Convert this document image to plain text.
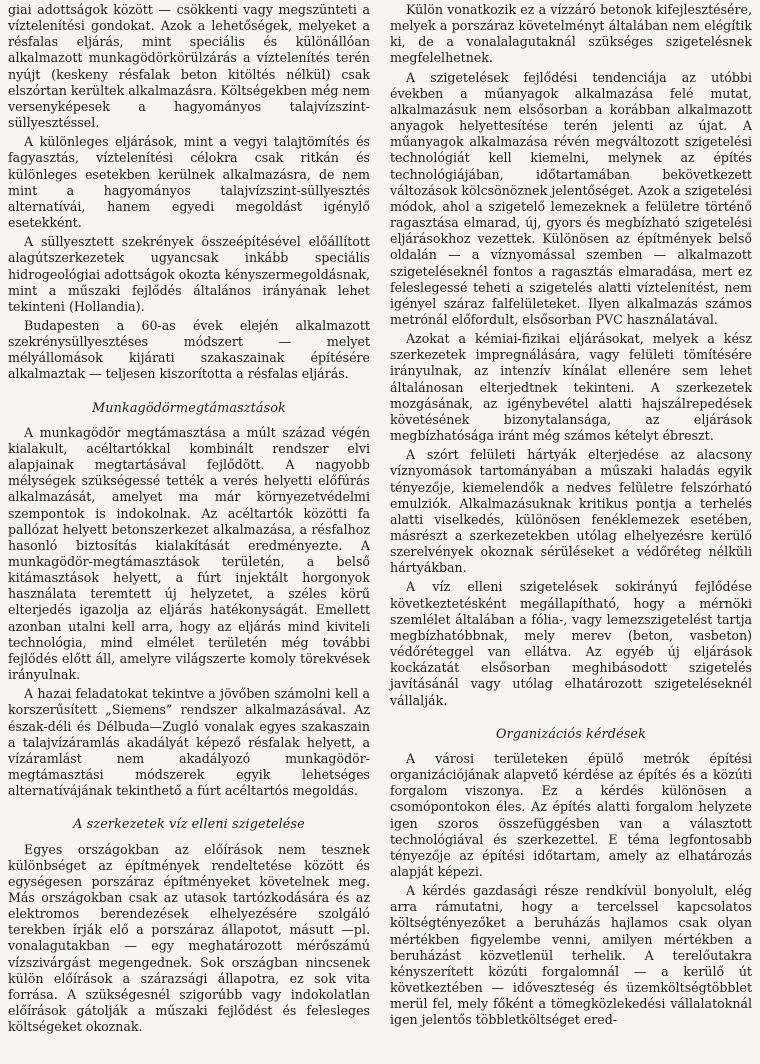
giai adottságok között — csökkenti vagy megszünteti a víztelenítési gondokat. Azok a lehetőségek, melyeket a résfalas eljárás, mint speciális és különállóan alkalmazott munkagödörkörülzárás a víztelenítés terén nyújt (keskeny résfalak beton kitöltés nélkül) csak elszórtan kerültek alkalmazásra. Költségekben még nem versenyképesek a hagyományos talajvízszint-süllyesztéssel.

A különleges eljárások, mint a vegyi talajtömítés és fagyasztás, víztelenítési célokra csak ritkán és különleges esetekben kerülnek alkalmazásra, de nem mint a hagyományos talajvízszint-süllyesztés alternatívái, hanem egyedi megoldást igénylő esetekként.

A süllyesztett szekrények összeépítésével előállított alagútszerkezetek ugyancsak inkább speciális hidrogeológiai adottságok okozta kényszermegoldásnak, mint a műszaki fejlődés általános irányának lehet tekinteni (Hollandia).

Budapesten a 60-as évek elején alkalmazott szekrénysüllyesztéses módszert — melyet mélyállomások kijárati szakaszainak építésére alkalmaztak — teljesen kiszorította a résfalas eljárás.

Munkagödörmegtámasztások

A munkagödör megtámasztása a múlt század végén kialakult, acéltartókkal kombinált rendszer elvi alapjainak megtartásával fejlődött. A nagyobb mélységek szükségessé tették a verés helyetti előfúrás alkalmazását, amelyet ma már környezetvédelmi szempontok is indokolnak. Az acéltartók közötti fa pallózat helyett betonszerkezet alkalmazása, a résfalhoz hasonló biztosítás kialakítását eredményezte. A munkagödör-megtámasztások területén, a belső kitámasztások helyett, a fúrt injektált horgonyok használata teremtett új helyzetet, a széles körű elterjedés igazolja az eljárás hatékonyságát. Emellett azonban utalni kell arra, hogy az eljárás mind kiviteli technológia, mind elmélet területén még további fejlődés előtt áll, amelyre világszerte komoly törekvések irányulnak.

A hazai feladatokat tekintve a jövőben számolni kell a korszerűsített „Siemens” rendszer alkalmazásával. Az észak-déli és Délbuda—Zugló vonalak egyes szakaszain a talajvízáramlás akadályát képező résfalak helyett, a vízáramlást nem akadályozó munkagödör-megtámasztási módszerek egyik lehetséges alternatívájának tekinthető a fúrt acéltartós megoldás.

A szerkezetek víz elleni szigetelése

Egyes országokban az előírások nem tesznek különbséget az építmények rendeltetése között és egységesen porszáraz építményeket követelnek meg. Más országokban csak az utasok tartózkodására és az elektromos berendezések elhelyezésére szolgáló terekben írják elő a porszáraz állapotot, másutt —pl. vonalagutakban — egy meghatározott mérőszámú vízszivárgást megengednek. Sok országban nincsenek külön előírások a szárazsági állapotra, ez sok vita forrása. A szükségesnél szigorúbb vagy indokolatlan előírások gátolják a műszaki fejlődést és felesleges költségeket okoznak.

Külön vonatkozik ez a vízzáró betonok kifejlesztésére, melyek a porszáraz követelményt általában nem elégítik ki, de a vonalalagutaknál szükséges szigetelésnek megfelelhetnek.

A szigetelések fejlődési tendenciája az utóbbi években a műanyagok alkalmazása felé mutat, alkalmazásuk nem elsősorban a korábban alkalmazott anyagok helyettesítése terén jelenti az újat. A műanyagok alkalmazása révén megváltozott szigetelési technológiát kell kiemelni, melynek az építés technológiájában, időtartamában bekövetkezett változások kölcsönöznek jelentőséget. Azok a szigetelési módok, ahol a szigetelő lemezeknek a felületre történő ragasztása elmarad, új, gyors és megbízható szigetelési eljárásokhoz vezettek. Különösen az építmények belső oldalán — a víznyomással szemben — alkalmazott szigeteléseknél fontos a ragasztás elmaradása, mert ez feleslegessé teheti a szigetelés alatti víztelenítést, nem igényel száraz falfelületeket. Ilyen alkalmazás számos metrónál előfordult, elsősorban PVC használatával.

Azokat a kémiai-fizikai eljárásokat, melyek a kész szerkezetek impregnálására, vagy felületi tömítésére irányulnak, az intenzív kínálat ellenére sem lehet általánosan elterjedtnek tekinteni. A szerkezetek mozgásának, az igénybevétel alatti hajszálrepedések követésének bizonytalansága, az eljárások megbízhatósága iránt még számos kételyt ébreszt.

A szórt felületi hártyák elterjedése az alacsony víznyomások tartományában a műszaki haladás egyik tényezője, kiemelendők a nedves felületre felszórható emulziók. Alkalmazásuknak kritikus pontja a terhelés alatti viselkedés, különösen fenéklemezek esetében, másrészt a szerkezetekben utólag elhelyezésre kerülő szerelvények okoznak sérüléseket a védőréteg nélküli hártyákban.

A víz elleni szigetelések sokirányú fejlődése következtetésként megállapítható, hogy a mérnöki szemlélet általában a fólia-, vagy lemezszigetelést tartja megbízhatóbbnak, mely merev (beton, vasbeton) védőréteggel van ellátva. Az egyéb új eljárások kockázatát elsősorban meghibásodott szigetelés javításánál vagy utólag elhatározott szigeteléseknél vállalják.

Organizációs kérdések

A városi területeken épülő metrók építési organizációjának alapvető kérdése az építés és a közúti forgalom viszonya. Ez a kérdés különösen a csomópontokon éles. Az építés alatti forgalom helyzete igen szoros összefüggésben van a választott technológiával és szerkezettel. E téma legfontosabb tényezője az építési időtartam, amely az elhatározás alapját képezi.

A kérdés gazdasági része rendkívül bonyolult, elég arra rámutatni, hogy a tercelssel kapcsolatos költségtényezőket a beruházás hajlamos csak olyan mértékben figyelembe venni, amilyen mértékben a beruházást közvetlenül terhelik. A terelőutakra kényszerített közúti forgalomnál — a kerülő út következtében — időveszteség és üzemköltségtöbblet merül fel, mely főként a tömegközlekedési vállalatoknál igen jelentős többletköltséget ered-
